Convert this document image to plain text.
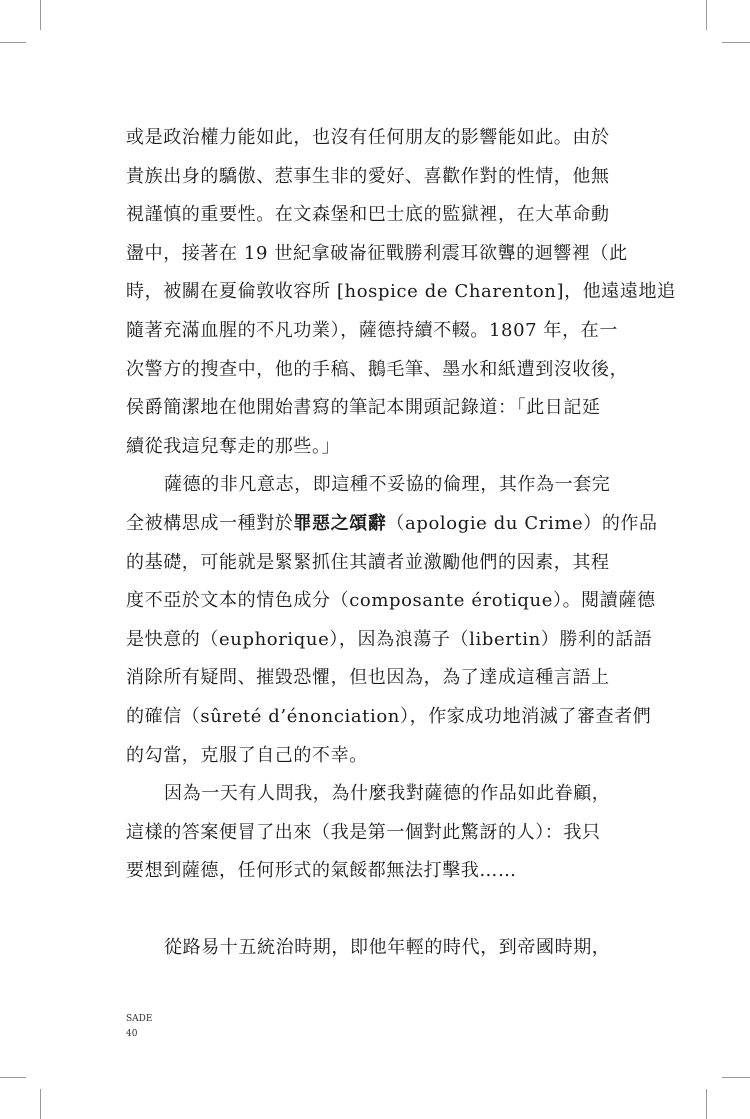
或是政治權力能如此，也沒有任何朋友的影響能如此。由於
貴族出身的驕傲、惹事生非的愛好、喜歡作對的性情，他無
視謹慎的重要性。在文森堡和巴士底的監獄裡，在大革命動
盪中，接著在 19 世紀拿破崙征戰勝利震耳欲聾的迴響裡（此
時，被關在夏倫敦收容所 [hospice de Charenton]，他遠遠地追
隨著充滿血腥的不凡功業），薩德持續不輟。1807 年，在一
次警方的搜查中，他的手稿、鵝毛筆、墨水和紙遭到沒收後，
侯爵簡潔地在他開始書寫的筆記本開頭記錄道：「此日記延
續從我這兒奪走的那些。」
薩德的非凡意志，即這種不妥協的倫理，其作為一套完
全被構思成一種對於罪惡之頌辭（apologie du Crime）的作品
的基礎，可能就是緊緊抓住其讀者並激勵他們的因素，其程
度不亞於文本的情色成分（composante érotique）。閱讀薩德
是快意的（euphorique），因為浪蕩子（libertin）勝利的話語
消除所有疑問、摧毀恐懼，但也因為，為了達成這種言語上
的確信（sûreté d’énonciation），作家成功地消滅了審查者們
的勾當，克服了自己的不幸。
因為一天有人問我，為什麼我對薩德的作品如此眷顧，
這樣的答案便冒了出來（我是第一個對此驚訝的人）：我只
要想到薩德，任何形式的氣餒都無法打擊我……
從路易十五統治時期，即他年輕的時代，到帝國時期，
SADE
40
